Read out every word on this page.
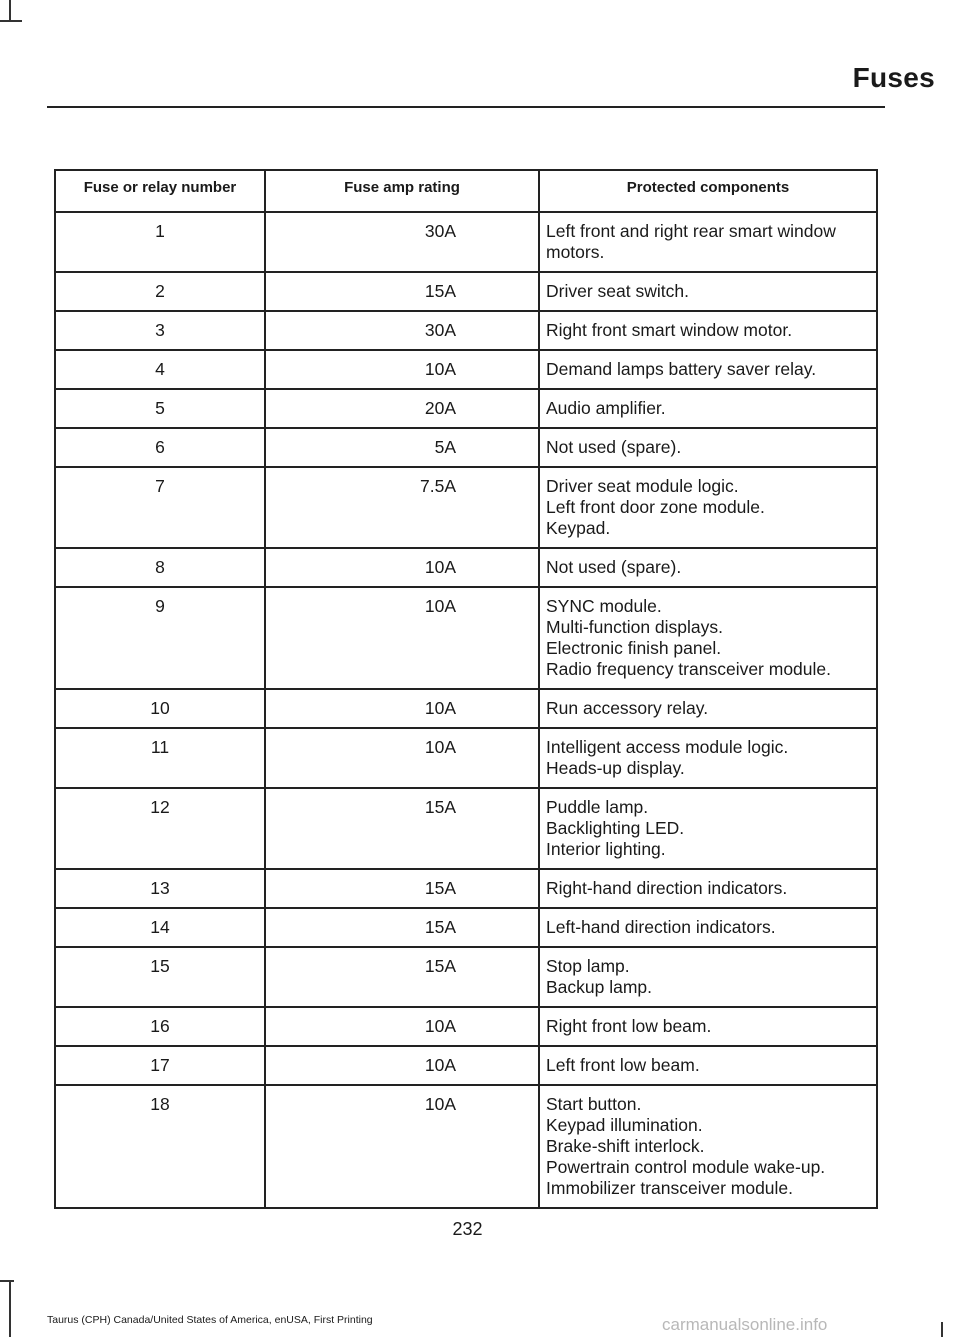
Fuses
Fuse or relay number	Fuse amp rating	Protected components
1	30A	Left front and right rear smart window motors.

2	15A	Driver seat switch.

3	30A	Right front smart window motor.

4	10A	Demand lamps battery saver relay.

5	20A	Audio amplifier.

6	5A	Not used (spare).

7	7.5A	Driver seat module logic.
Left front door zone module.
Keypad.

8	10A	Not used (spare).

9	10A	SYNC module.
Multi-function displays.
Electronic finish panel.
Radio frequency transceiver module.

10	10A	Run accessory relay.

11	10A	Intelligent access module logic.
Heads-up display.

12	15A	Puddle lamp.
Backlighting LED.
Interior lighting.

13	15A	Right-hand direction indicators.

14	15A	Left-hand direction indicators.

15	15A	Stop lamp.
Backup lamp.

16	10A	Right front low beam.

17	10A	Left front low beam.

18	10A	Start button.
Keypad illumination.
Brake-shift interlock.
Powertrain control module wake-up.
Immobilizer transceiver module.
232
Taurus (CPH) Canada/United States of America, enUSA, First Printing	carmanualsonline.info
